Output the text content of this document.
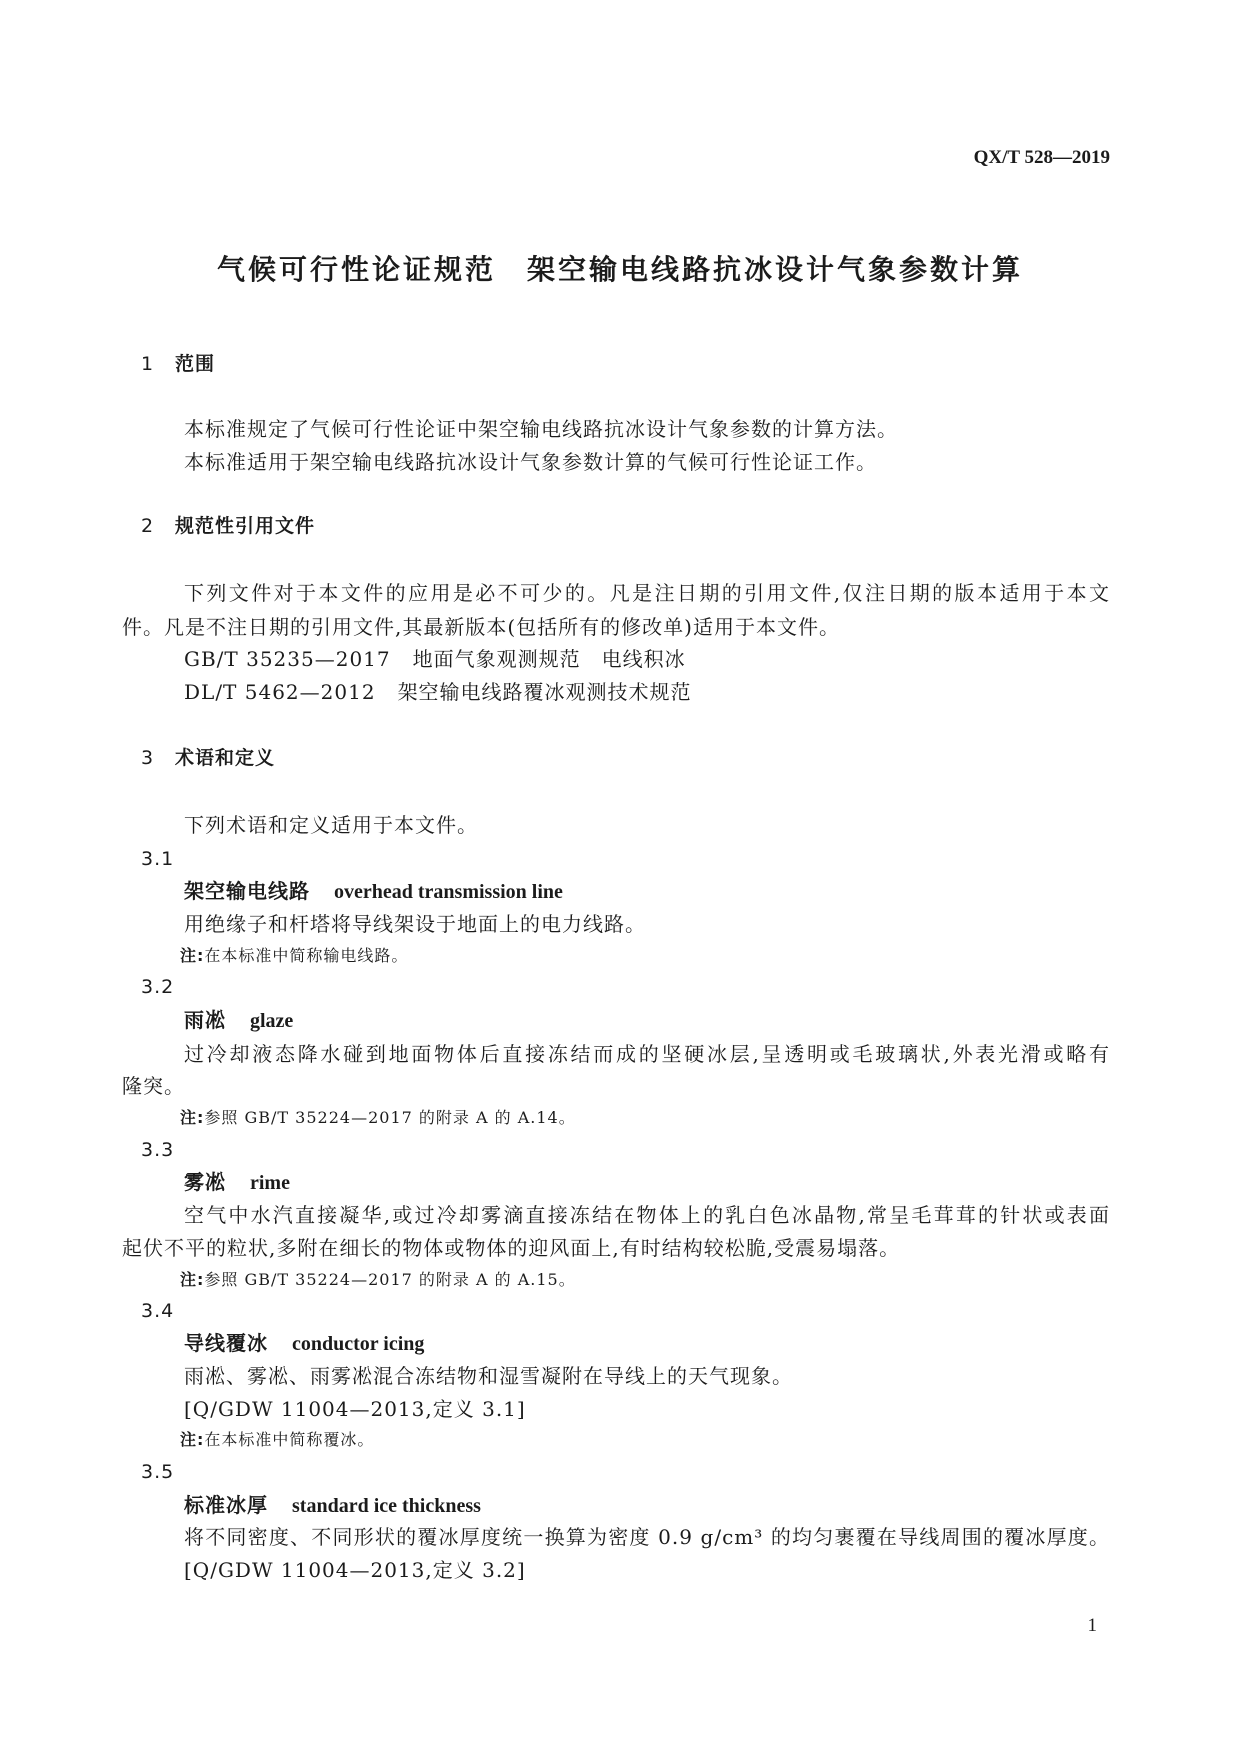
QX/T 528—2019
气候可行性论证规范　架空输电线路抗冰设计气象参数计算
1 范围
本标准规定了气候可行性论证中架空输电线路抗冰设计气象参数的计算方法。
本标准适用于架空输电线路抗冰设计气象参数计算的气候可行性论证工作。
2 规范性引用文件
下列文件对于本文件的应用是必不可少的。凡是注日期的引用文件,仅注日期的版本适用于本文
件。凡是不注日期的引用文件,其最新版本(包括所有的修改单)适用于本文件。
GB/T 35235—2017 地面气象观测规范　电线积冰
DL/T 5462—2012 架空输电线路覆冰观测技术规范
3 术语和定义
下列术语和定义适用于本文件。
3.1
架空输电线路 overhead transmission line
用绝缘子和杆塔将导线架设于地面上的电力线路。
注:在本标准中简称输电线路。
3.2
雨凇 glaze
过冷却液态降水碰到地面物体后直接冻结而成的坚硬冰层,呈透明或毛玻璃状,外表光滑或略有
隆突。
注:参照 GB/T 35224—2017 的附录 A 的 A.14。
3.3
雾凇 rime
空气中水汽直接凝华,或过冷却雾滴直接冻结在物体上的乳白色冰晶物,常呈毛茸茸的针状或表面
起伏不平的粒状,多附在细长的物体或物体的迎风面上,有时结构较松脆,受震易塌落。
注:参照 GB/T 35224—2017 的附录 A 的 A.15。
3.4
导线覆冰 conductor icing
雨凇、雾凇、雨雾凇混合冻结物和湿雪凝附在导线上的天气现象。
[Q/GDW 11004—2013,定义 3.1]
注:在本标准中简称覆冰。
3.5
标准冰厚 standard ice thickness
将不同密度、不同形状的覆冰厚度统一换算为密度 0.9 g/cm³ 的均匀裹覆在导线周围的覆冰厚度。
[Q/GDW 11004—2013,定义 3.2]
1
